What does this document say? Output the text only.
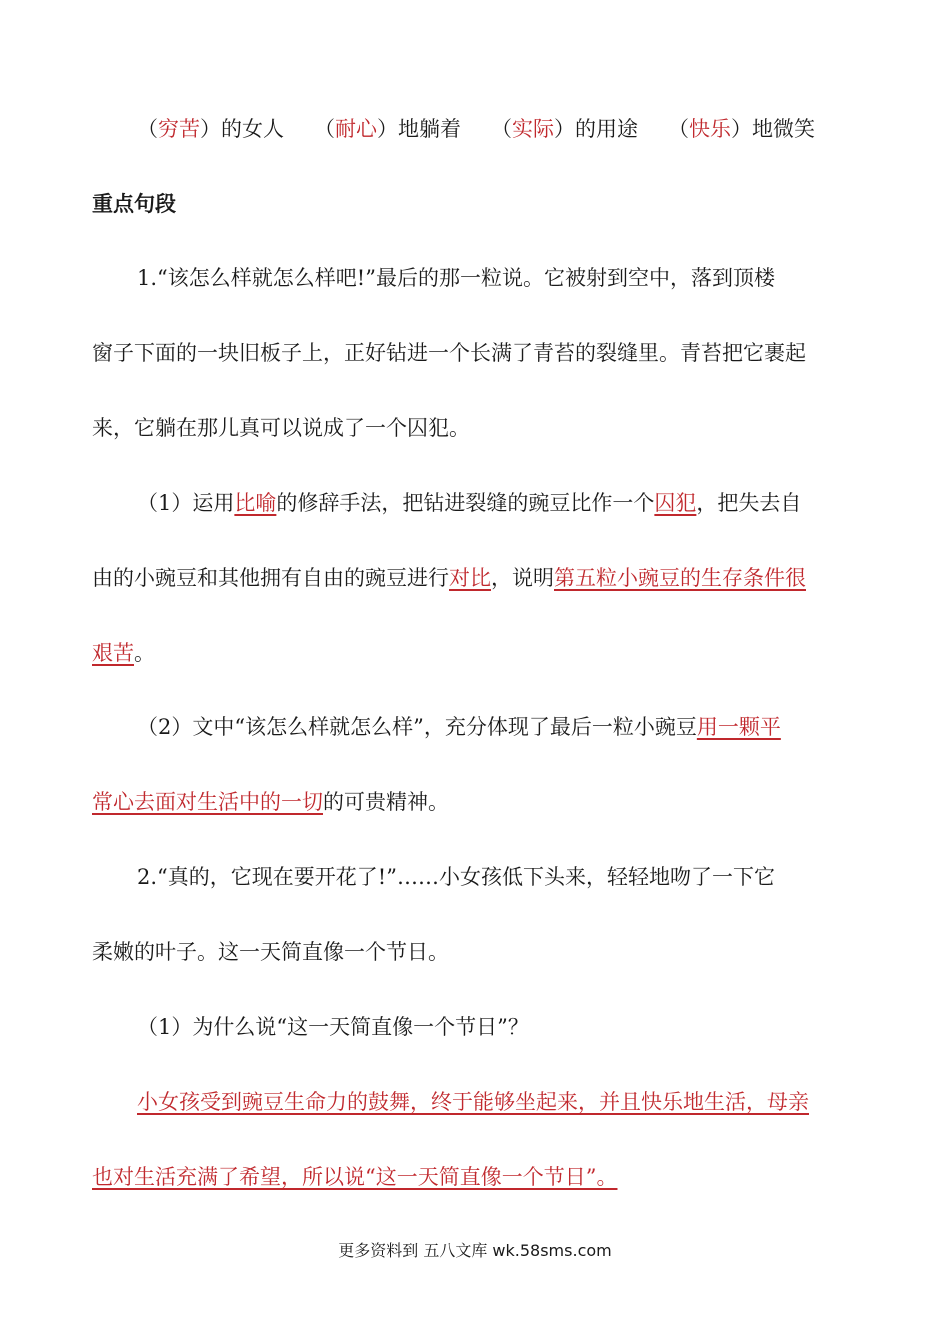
（穷苦）的女人 （耐心）地躺着 （实际）的用途 （快乐）地微笑
重点句段
1.“该怎么样就怎么样吧!”最后的那一粒说。它被射到空中，落到顶楼
窗子下面的一块旧板子上，正好钻进一个长满了青苔的裂缝里。青苔把它裹起
来，它躺在那儿真可以说成了一个囚犯。
（1）运用比喻的修辞手法，把钻进裂缝的豌豆比作一个囚犯，把失去自
由的小豌豆和其他拥有自由的豌豆进行对比，说明第五粒小豌豆的生存条件很
艰苦。
（2）文中“该怎么样就怎么样”，充分体现了最后一粒小豌豆用一颗平
常心去面对生活中的一切的可贵精神。
2.“真的，它现在要开花了!”……小女孩低下头来，轻轻地吻了一下它
柔嫩的叶子。这一天简直像一个节日。
（1）为什么说“这一天简直像一个节日”？
小女孩受到豌豆生命力的鼓舞，终于能够坐起来，并且快乐地生活，母亲
也对生活充满了希望，所以说“这一天简直像一个节日”。
更多资料到 五八文库 wk.58sms.com
